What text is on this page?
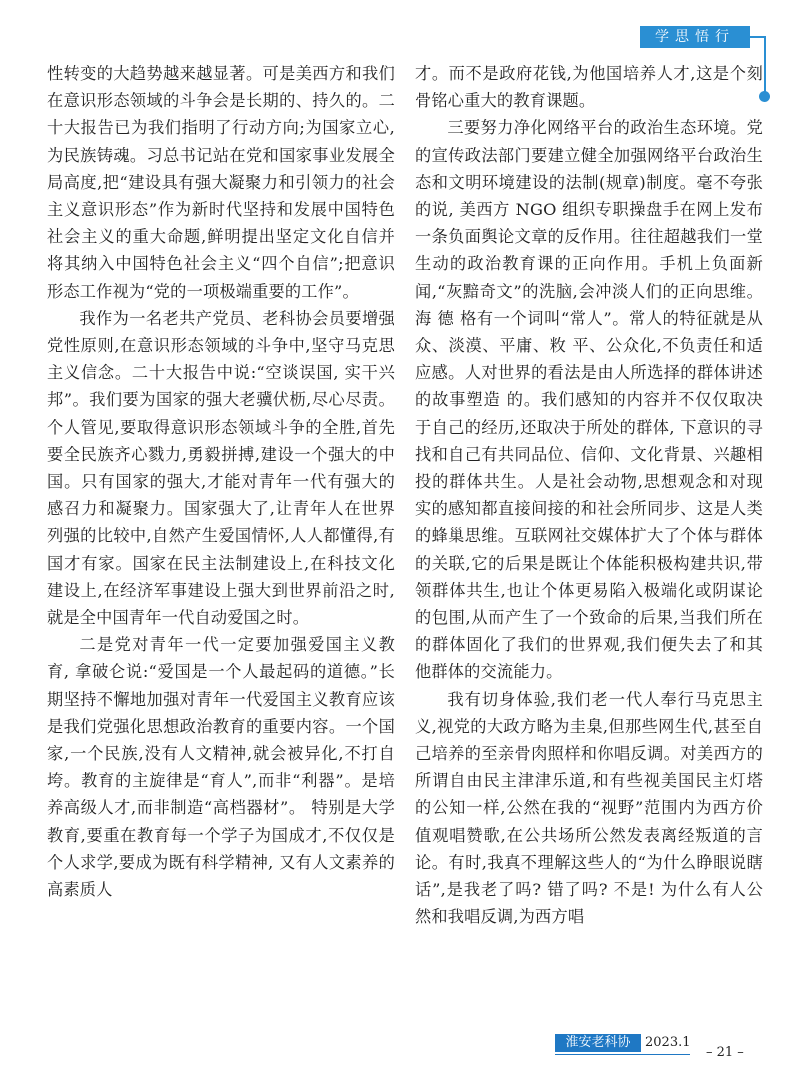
学思悟行

性转变的大趋势越来越显著。可是美西方和我们在意识形态领域的斗争会是长期的、持久的。二十大报告已为我们指明了行动方向;为国家立心,为民族铸魂。习总书记站在党和国家事业发展全局高度,把“建设具有强大凝聚力和引领力的社会主义意识形态”作为新时代坚持和发展中国特色社会主义的重大命题,鲜明提出坚定文化自信并将其纳入中国特色社会主义“四个自信”;把意识形态工作视为“党的一项极端重要的工作”。

我作为一名老共产党员、老科协会员要增强党性原则,在意识形态领域的斗争中,坚守马克思主义信念。二十大报告中说:“空谈误国, 实干兴邦”。我们要为国家的强大老骥伏枥,尽心尽责。个人管见,要取得意识形态领域斗争的全胜,首先要全民族齐心戮力,勇毅拼搏,建设一个强大的中国。只有国家的强大,才能对青年一代有强大的感召力和凝聚力。国家强大了,让青年人在世界列强的比较中,自然产生爱国情怀,人人都懂得,有国才有家。国家在民主法制建设上,在科技文化建设上,在经济军事建设上强大到世界前沿之时,就是全中国青年一代自动爱国之时。

二是党对青年一代一定要加强爱国主义教育, 拿破仑说:“爱国是一个人最起码的道德。”长期坚持不懈地加强对青年一代爱国主义教育应该是我们党强化思想政治教育的重要内容。一个国家,一个民族,没有人文精神,就会被异化,不打自垮。教育的主旋律是“育人”,而非“利器”。是培养高级人才,而非制造“高档器材”。 特别是大学教育,要重在教育每一个学子为国成才,不仅仅是个人求学,要成为既有科学精神, 又有人文素养的高素质人

才。而不是政府花钱,为他国培养人才,这是个刻骨铭心重大的教育课题。

三要努力净化网络平台的政治生态环境。党的宣传政法部门要建立健全加强网络平台政治生态和文明环境建设的法制(规章)制度。毫不夸张的说, 美西方 NGO 组织专职操盘手在网上发布一条负面舆论文章的反作用。往往超越我们一堂生动的政治教育课的正向作用。手机上负面新闻,“灰黯奇文”的洗脑,会冲淡人们的正向思维。海 德 格有一个词叫“常人”。常人的特征就是从众、淡漠、平庸、敉 平、公众化,不负责任和适应感。人对世界的看法是由人所选择的群体讲述的故事塑造 的。我们感知的内容并不仅仅取决于自己的经历,还取决于所处的群体, 下意识的寻找和自己有共同品位、信仰、文化背景、兴趣相投的群体共生。人是社会动物,思想观念和对现实的感知都直接间接的和社会所同步、这是人类的蜂巢思维。互联网社交媒体扩大了个体与群体的关联,它的后果是既让个体能积极构建共识,带领群体共生,也让个体更易陷入极端化或阴谋论的包围,从而产生了一个致命的后果,当我们所在的群体固化了我们的世界观,我们便失去了和其他群体的交流能力。

我有切身体验,我们老一代人奉行马克思主义,视党的大政方略为圭臬,但那些网生代,甚至自己培养的至亲骨肉照样和你唱反调。对美西方的所谓自由民主津津乐道,和有些视美国民主灯塔的公知一样,公然在我的“视野”范围内为西方价值观唱赞歌,在公共场所公然发表离经叛道的言论。有时,我真不理解这些人的“为什么睁眼说瞎话”,是我老了吗? 错了吗? 不是! 为什么有人公然和我唱反调,为西方唱

淮安老科协	2023.1
– 21 –
